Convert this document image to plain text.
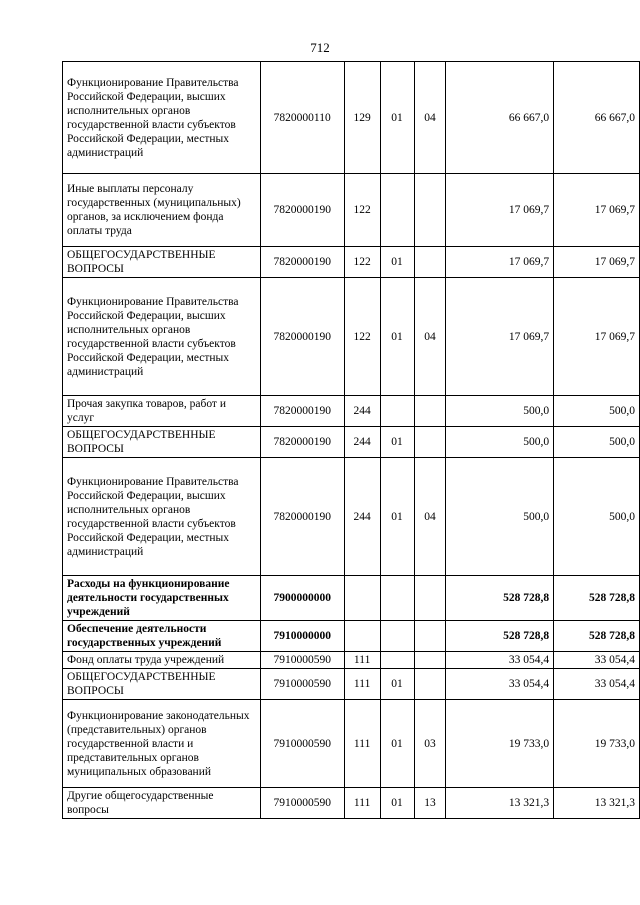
712
Функционирование Правительства Российской Федерации, высших исполнительных органов государственной власти субъектов Российской Федерации, местных администраций	7820000110	129	01	04	66 667,0	66 667,0
Иные выплаты персоналу государственных (муниципальных) органов, за исключением фонда оплаты труда	7820000190	122			17 069,7	17 069,7
ОБЩЕГОСУДАРСТВЕННЫЕ ВОПРОСЫ	7820000190	122	01		17 069,7	17 069,7
Функционирование Правительства Российской Федерации, высших исполнительных органов государственной власти субъектов Российской Федерации, местных администраций	7820000190	122	01	04	17 069,7	17 069,7
Прочая закупка товаров, работ и услуг	7820000190	244			500,0	500,0
ОБЩЕГОСУДАРСТВЕННЫЕ ВОПРОСЫ	7820000190	244	01		500,0	500,0
Функционирование Правительства Российской Федерации, высших исполнительных органов государственной власти субъектов Российской Федерации, местных администраций	7820000190	244	01	04	500,0	500,0
Расходы на функционирование деятельности государственных учреждений	7900000000				528 728,8	528 728,8
Обеспечение деятельности государственных учреждений	7910000000				528 728,8	528 728,8
Фонд оплаты труда учреждений	7910000590	111			33 054,4	33 054,4
ОБЩЕГОСУДАРСТВЕННЫЕ ВОПРОСЫ	7910000590	111	01		33 054,4	33 054,4
Функционирование законодательных (представительных) органов государственной власти и представительных органов муниципальных образований	7910000590	111	01	03	19 733,0	19 733,0
Другие общегосударственные вопросы	7910000590	111	01	13	13 321,3	13 321,3
